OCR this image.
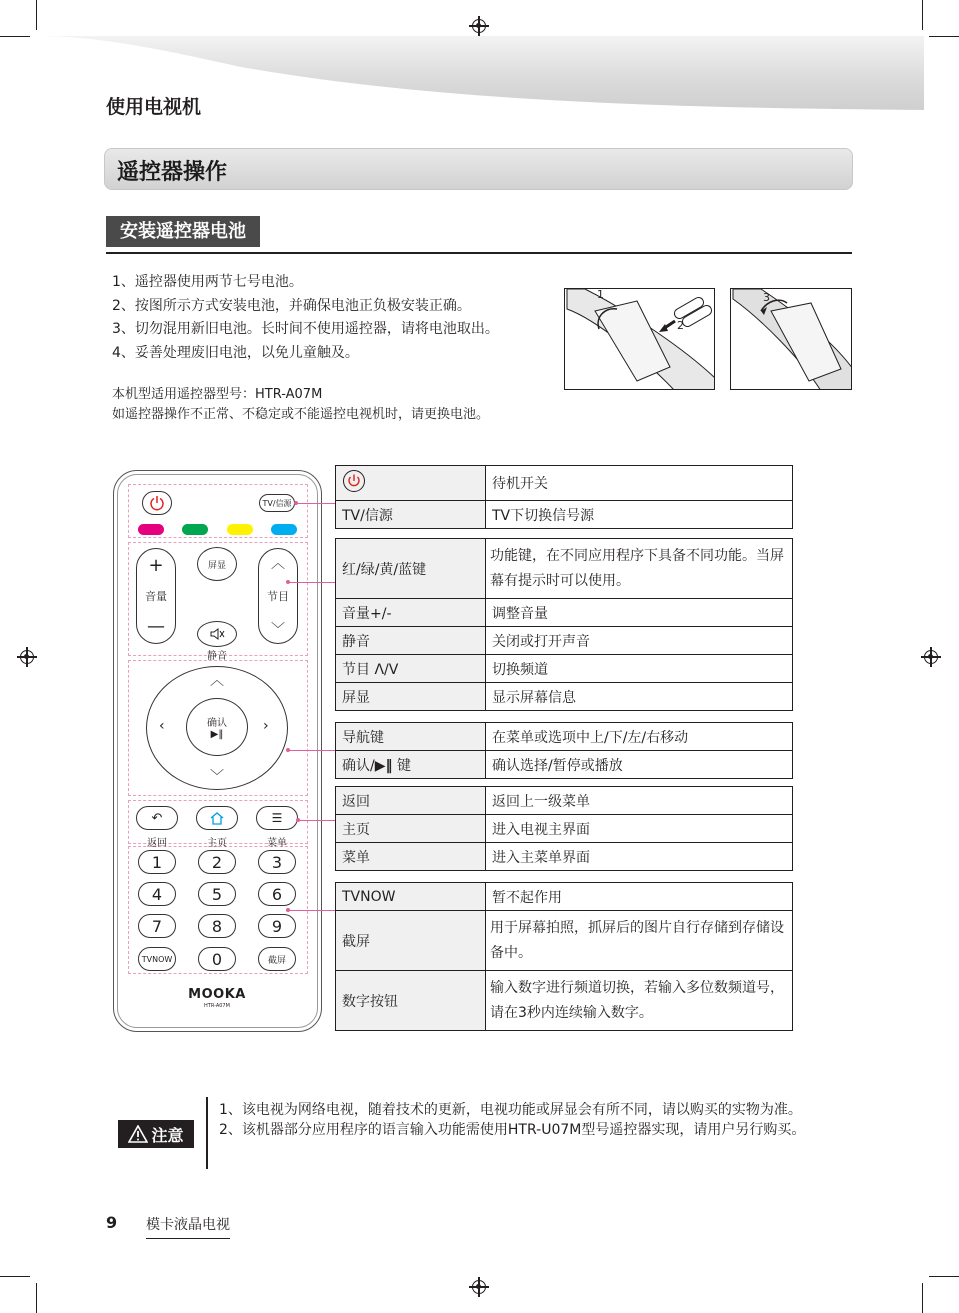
使用电视机
遥控器操作
安装遥控器电池
1、遥控器使用两节七号电池。
2、按图所示方式安装电池，并确保电池正负极安装正确。
3、切勿混用新旧电池。长时间不使用遥控器，请将电池取出。
4、妥善处理废旧电池，以免儿童触及。
本机型适用遥控器型号：HTR-A07M
如遥控器操作不正常、不稳定或不能遥控电视机时，请更换电池。
1
2
3
TV/信源
+
音量
—
屏显
静音
︿
节目
﹀
︿
﹀
‹	›
确认
▶‖
↶	☰
返回	主页	菜单
1	2	3
4	5	6
7	8	9
TVNOW 0	截屏
MOOKA
HTR-A07M
	待机开关
TV/信源	TV下切换信号源
红/绿/黄/蓝键	功能键，在不同应用程序下具备不同功能。当屏幕有提示时可以使用。
音量+/-	调整音量
静音	关闭或打开声音
节目 Λ/V	切换频道
屏显	显示屏幕信息
导航键	在菜单或选项中上/下/左/右移动
确认/▶‖ 键	确认选择/暂停或播放
返回	返回上一级菜单
主页	进入电视主界面
菜单	进入主菜单界面
TVNOW	暂不起作用
截屏	用于屏幕拍照，抓屏后的图片自行存储到存储设备中。
数字按钮	输入数字进行频道切换，若输入多位数频道号，请在3秒内连续输入数字。
注意
1、该电视为网络电视，随着技术的更新，电视功能或屏显会有所不同，请以购买的实物为准。
2、该机器部分应用程序的语言输入功能需使用HTR-U07M型号遥控器实现，请用户另行购买。
9 模卡液晶电视
